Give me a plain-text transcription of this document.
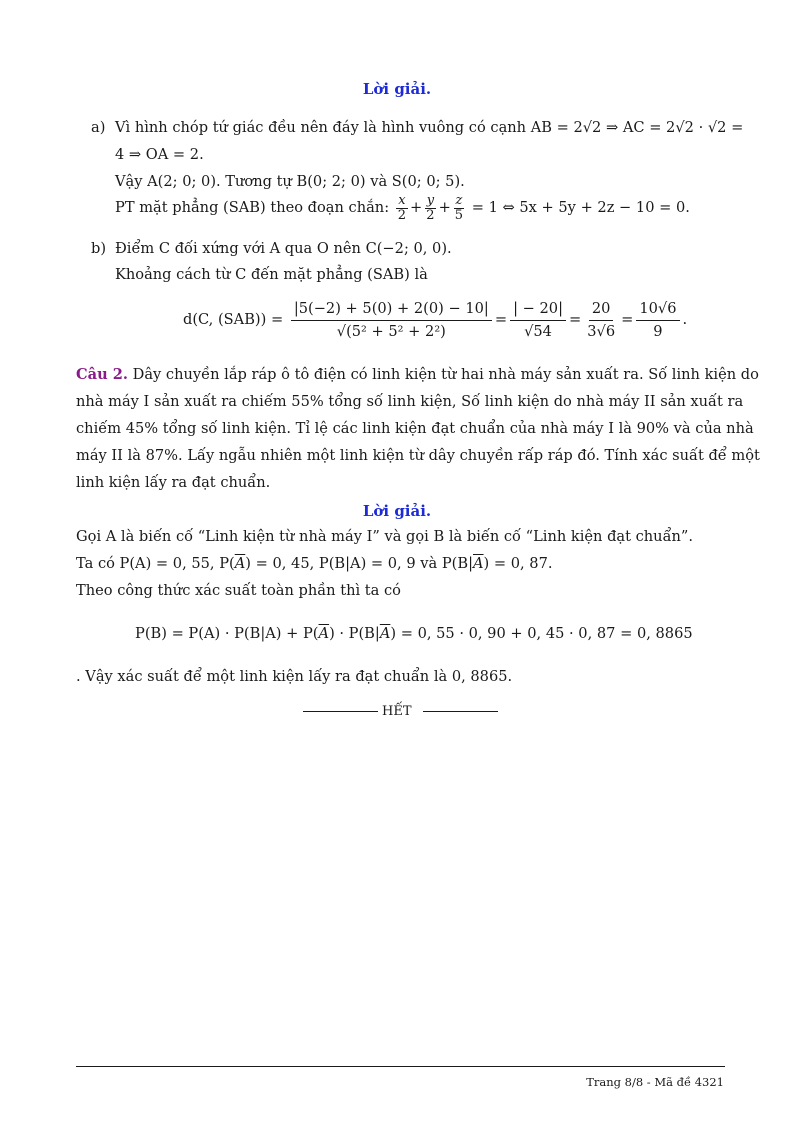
Lời giải.
a) Vì hình chóp tứ giác đều nên đáy là hình vuông có cạnh AB = 2√2 ⇒ AC = 2√2 · √2 =
4 ⇒ OA = 2.
Vậy A(2; 0; 0). Tương tự B(0; 2; 0) và S(0; 0; 5).
PT mặt phẳng (SAB) theo đoạn chắn: $\frac{x}{2} + \frac{y}{2} + \frac{z}{5} = 1$ ⇔ 5x + 5y + 2z − 10 = 0.
b) Điểm C đối xứng với A qua O nên C(−2; 0, 0).
Khoảng cách từ C đến mặt phẳng (SAB) là
d(C, $(SAB)) = \frac{|5(-2) + 5(0) + 2(0) - 10|}{\text{√(5² + 5² + 2²)}} = \frac{| - 20|}{√54} = \frac{20}{3√6} = \frac{10√6}{9}$ .
Câu 2. Dây chuyền lắp ráp ô tô điện có linh kiện từ hai nhà máy sản xuất ra. Số linh kiện do
nhà máy I sản xuất ra chiếm 55% tổng số linh kiện, Số linh kiện do nhà máy II sản xuất ra
chiếm 45% tổng số linh kiện. Tỉ lệ các linh kiện đạt chuẩn của nhà máy I là 90% và của nhà
máy II là 87%. Lấy ngẫu nhiên một linh kiện từ dây chuyền rấp ráp đó. Tính xác suất để một
linh kiện lấy ra đạt chuẩn.
Lời giải.
Gọi A là biến cố “Linh kiện từ nhà máy I” và gọi B là biến cố “Linh kiện đạt chuẩn”.
Ta có P(A) = 0, 55, $P(\overline{A}) = 0$, 45, P(B|A) = 0, 9 và $P(B|\overline{A}) = 0$, 87.
Theo công thức xác suất toàn phần thì ta có
$P(B) = P(A) \cdot P(B|A) + P(\overline{A}) \cdot P(B|\overline{A}) = 0$, 55 · 0, 90 + 0, 45 · 0, 87 = 0, 8865
. Vậy xác suất để một linh kiện lấy ra đạt chuẩn là 0, 8865.
HẾT
Trang 8/8 - Mã đề 4321
